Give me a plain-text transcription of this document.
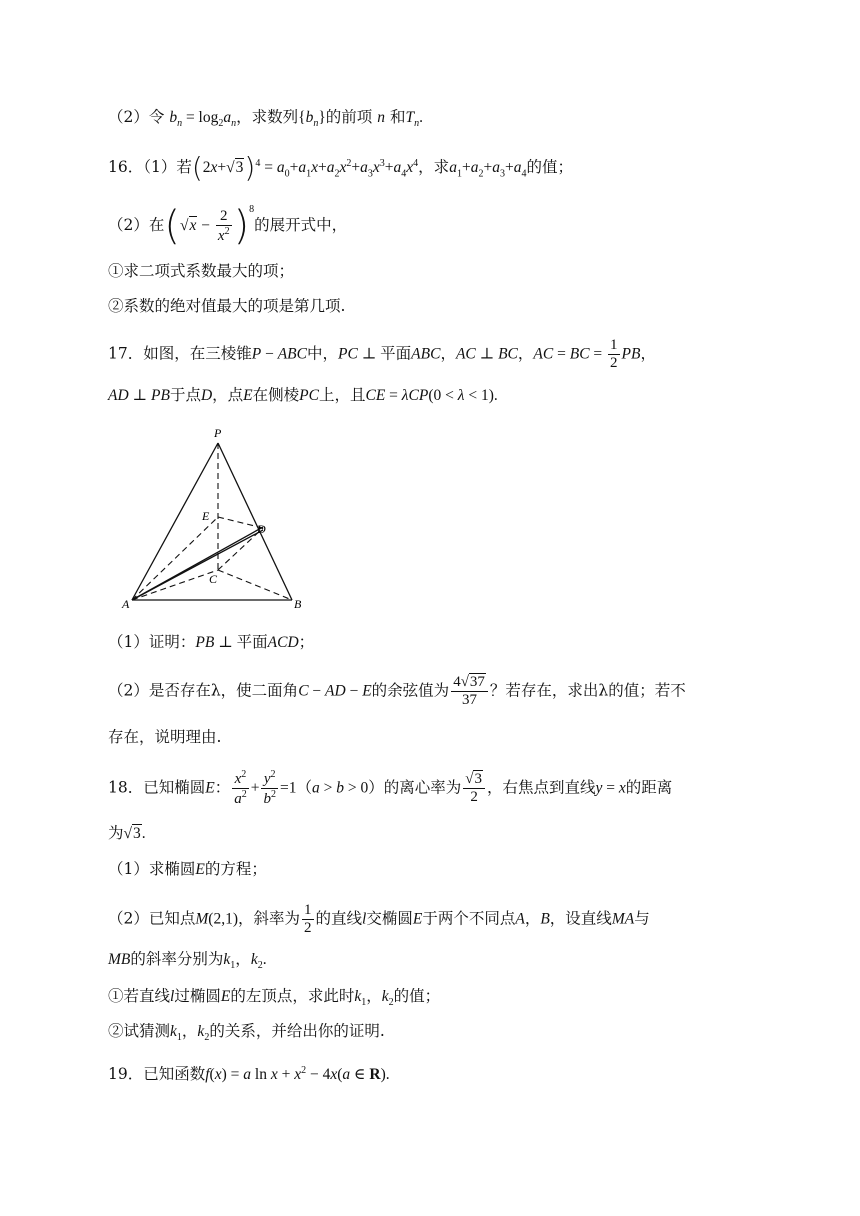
（2）令 $b_n = \log_2a_n$，求数列$\{b_n\}$的前项 n 和$T_n$.
16．（1）若$(2x+√3)^4 = a_0+a_1x+a_2x^2+a_3x^3+a_4x^4$，求$a_1+a_2+a_3+a_4$的值；
（2）在$(√x - \frac{2}{x^2} )^8$的展开式中，
①求二项式系数最大的项；
②系数的绝对值最大的项是第几项.
17．如图，在三棱锥P − ABC中，PC ⊥ 平面ABC，AC ⊥ BC，AC = BC = $\frac{1}{2}$ PB，
AD ⊥ PB于点D，点E在侧棱PC上，且CE = λCP(0 < λ < 1).
P
E
D
C
A	B
（1）证明：PB ⊥ 平面ACD；
（2）是否存在λ，使二面角C − AD − E的余弦值为 $\frac{4√37}{37}$ ？若存在，求出λ的值；若不
存在，说明理由.
18．已知椭圆E： $\frac{x^2}{a^2} + \frac{y^2}{b^2} =1(a > b > 0)$的离心率为 $\frac{√3}{2}$ ，右焦点到直线y = x的距离
为√3.
（1）求椭圆E的方程；
（2）已知点M(2,1)，斜率为 $\frac{1}{2}$ 的直线l交椭圆E于两个不同点A，B，设直线MA与
MB的斜率分别为$k_1$，$k_2$.
①若直线l过椭圆E的左顶点，求此时$k_1$，$k_2$的值；
②试猜测$k_1$，$k_2$的关系，并给出你的证明.
19．已知函数f(x) = a $\ln x + x^2 - 4x(a$ ∈ R).
